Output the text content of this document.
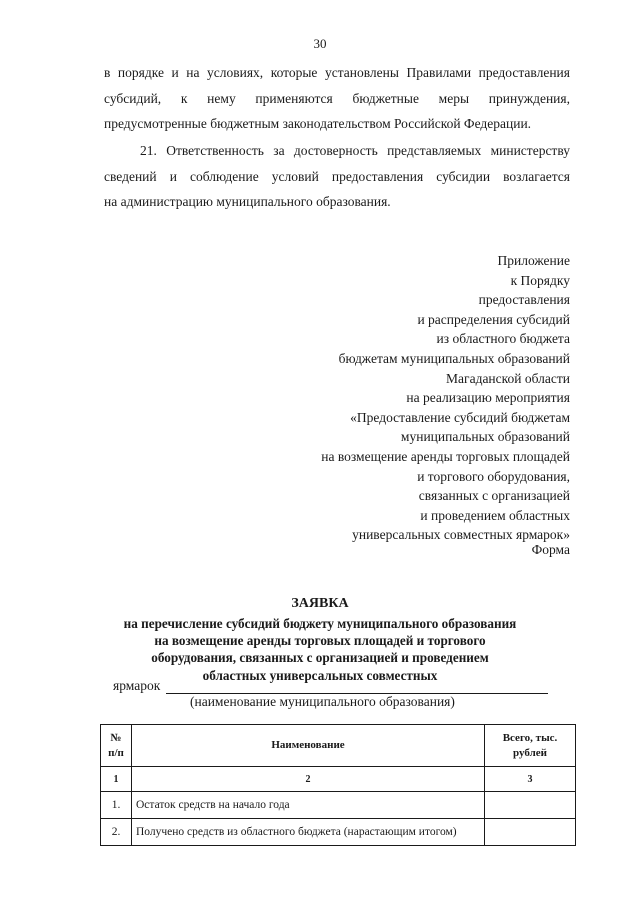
30
в порядке и на условиях, которые установлены Правилами предоставления
субсидий, к нему применяются бюджетные меры принуждения,
предусмотренные бюджетным законодательством Российской Федерации.
21. Ответственность за достоверность представляемых министерству
сведений и соблюдение условий предоставления субсидии возлагается
на администрацию муниципального образования.
Приложение
к Порядку
предоставления
и распределения субсидий
из областного бюджета
бюджетам муниципальных образований
Магаданской области
на реализацию мероприятия
«Предоставление субсидий бюджетам
муниципальных образований
на возмещение аренды торговых площадей
и торгового оборудования,
связанных с организацией
и проведением областных
универсальных совместных ярмарок»
Форма
ЗАЯВКА
на перечисление субсидий бюджету муниципального образования
на возмещение аренды торговых площадей и торгового
оборудования, связанных с организацией и проведением
областных универсальных совместных
ярмарок
(наименование муниципального образования)
№ п/п	Наименование	Всего, тыс. рублей
1	2	3
1.	Остаток средств на начало года	
2.	Получено средств из областного бюджета (нарастающим итогом)	
